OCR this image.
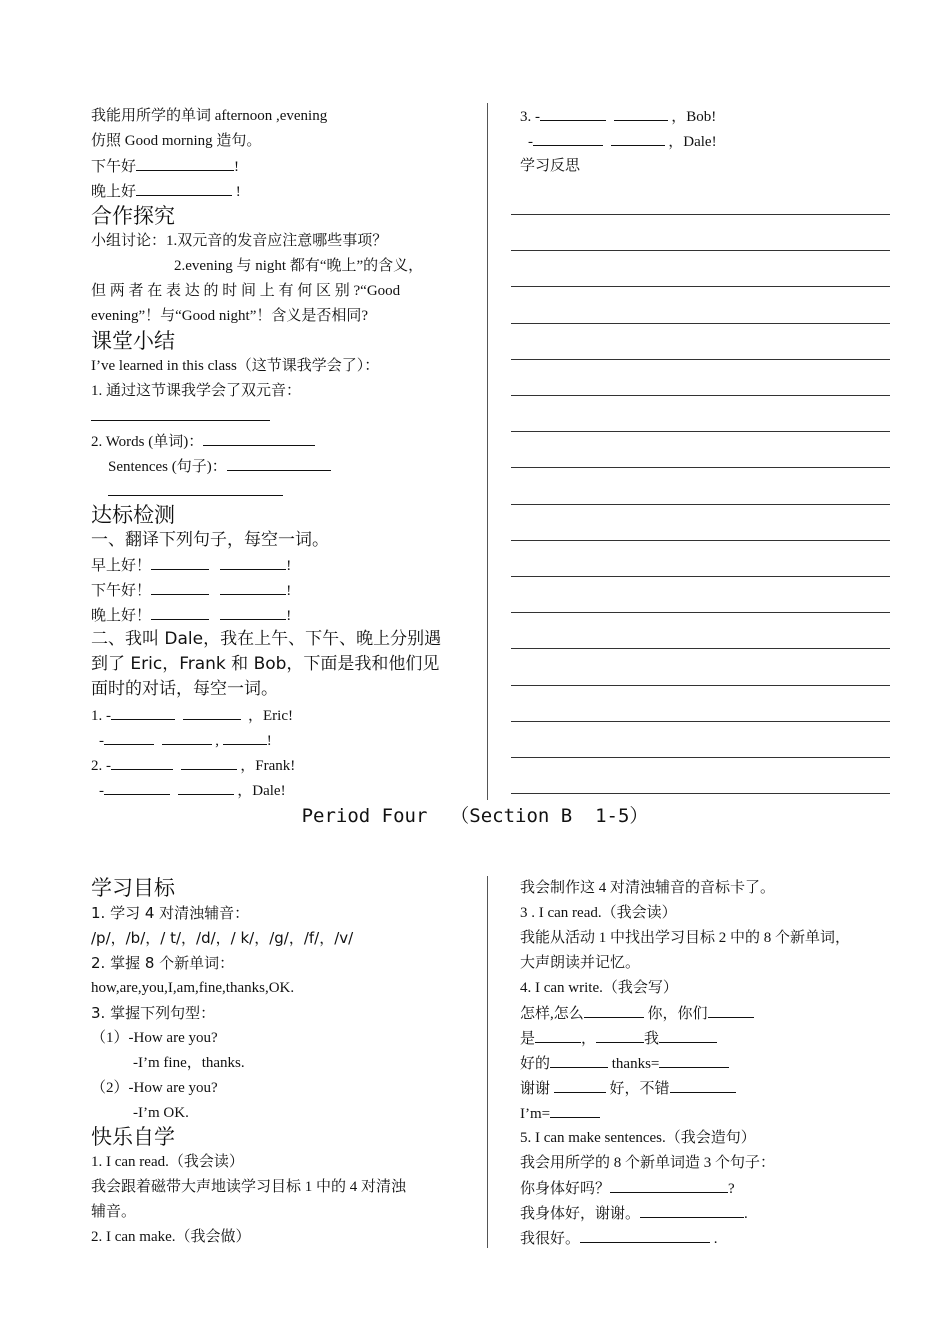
我能用所学的单词 afternoon ,evening
仿照 Good morning 造句。
下午好	!
晚上好	!
合作探究
小组讨论：1.双元音的发音应注意哪些事项？
2.evening 与 night 都有“晚上”的含义，
但 两 者 在 表 达 的 时 间 上 有 何 区 别 ?“Good
evening”！与“Good night”！含义是否相同?
课堂小结
I’ve learned in this class（这节课我学会了）：
1. 通过这节课我学会了双元音：
2. Words (单词)：
Sentences (句子)：
达标检测
一、翻译下列句子，每空一词。
早上好！	!
下午好！	!
晚上好！	!
二、我叫 Dale，我在上午、下午、晚上分别遇
到了 Eric，Frank 和 Bob，下面是我和他们见
面时的对话，每空一词。
1. -	，Eric!
-	,	!
2. -	，Frank!
-	，Dale!
3. -	，Bob!
-	，Dale!
学习反思
Period Four  （Section B  1-5）
学习目标
1. 学习 4 对清浊辅音：
/p/，/b/，/ t/，/d/，/ k/，/g/，/f/，/v/
2. 掌握 8 个新单词：
how,are,you,I,am,fine,thanks,OK.
3. 掌握下列句型：
（1）-How are you?
-I’m fine，thanks.
（2）-How are you?
-I’m OK.
快乐自学
1. I can read.（我会读）
我会跟着磁带大声地读学习目标 1 中的 4 对清浊
辅音。
2. I can make.（我会做）
我会制作这 4 对清浊辅音的音标卡了。
3 . I can read.（我会读）
我能从活动 1 中找出学习目标 2 中的 8 个新单词，
大声朗读并记忆。
4. I can write.（我会写）
怎样,怎么	你，你们
是	，	我
好的	thanks=
谢谢	好，不错
I’m=
5. I can make sentences.（我会造句）
我会用所学的 8 个新单词造 3 个句子：
你身体好吗？	?
我身体好，谢谢。	.
我很好。	.
